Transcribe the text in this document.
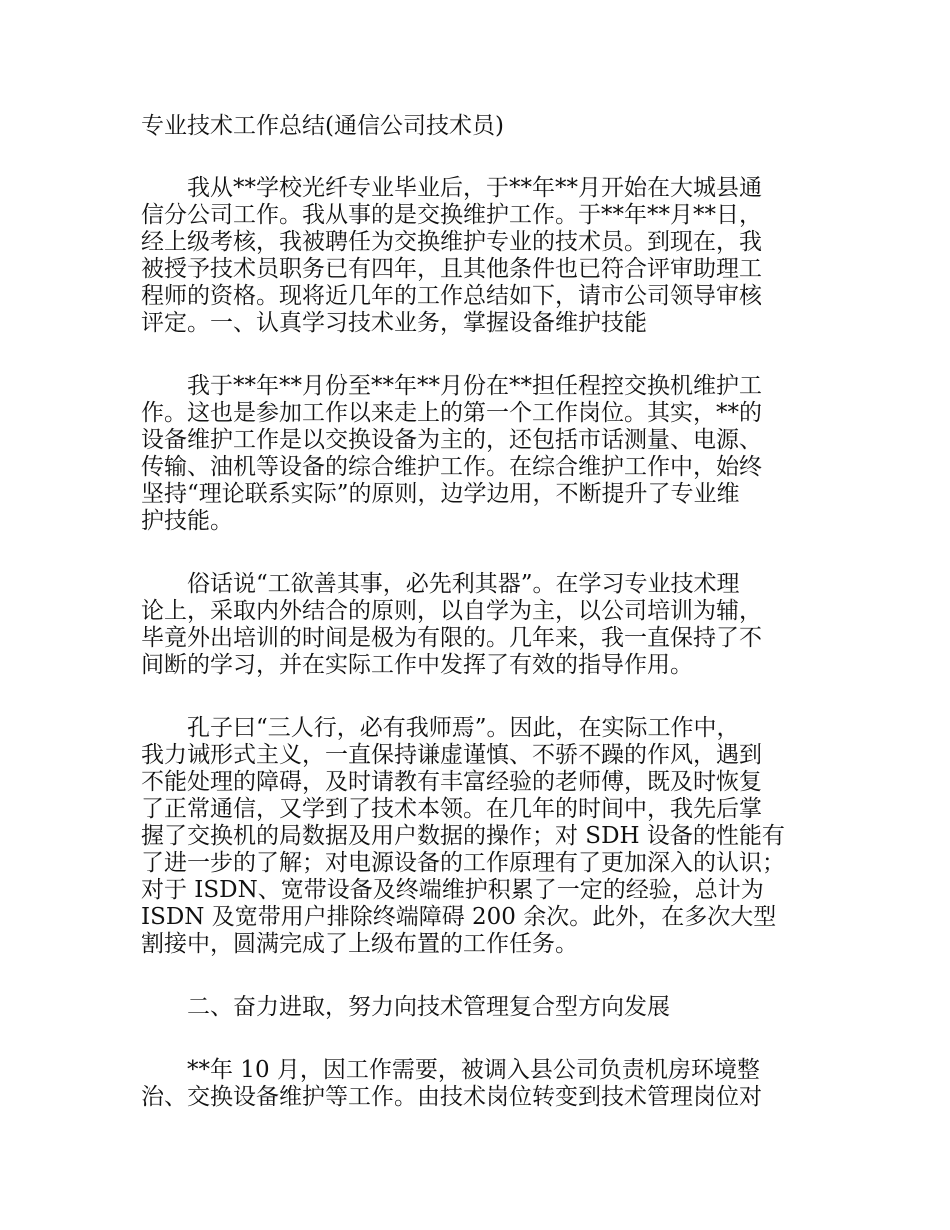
专业技术工作总结(通信公司技术员)
　　我从**学校光纤专业毕业后，于**年**月开始在大城县通
信分公司工作。我从事的是交换维护工作。于**年**月**日，
经上级考核，我被聘任为交换维护专业的技术员。到现在，我
被授予技术员职务已有四年，且其他条件也已符合评审助理工
程师的资格。现将近几年的工作总结如下，请市公司领导审核
评定。一、认真学习技术业务，掌握设备维护技能
　　我于**年**月份至**年**月份在**担任程控交换机维护工
作。这也是参加工作以来走上的第一个工作岗位。其实，**的
设备维护工作是以交换设备为主的，还包括市话测量、电源、
传输、油机等设备的综合维护工作。在综合维护工作中，始终
坚持“理论联系实际”的原则，边学边用，不断提升了专业维
护技能。
　　俗话说“工欲善其事，必先利其器”。在学习专业技术理
论上，采取内外结合的原则，以自学为主，以公司培训为辅，
毕竟外出培训的时间是极为有限的。几年来，我一直保持了不
间断的学习，并在实际工作中发挥了有效的指导作用。
　　孔子曰“三人行，必有我师焉”。因此，在实际工作中，
我力诫形式主义，一直保持谦虚谨慎、不骄不躁的作风，遇到
不能处理的障碍，及时请教有丰富经验的老师傅，既及时恢复
了正常通信，又学到了技术本领。在几年的时间中，我先后掌
握了交换机的局数据及用户数据的操作；对 SDH 设备的性能有
了进一步的了解；对电源设备的工作原理有了更加深入的认识；
对于 ISDN、宽带设备及终端维护积累了一定的经验，总计为
ISDN 及宽带用户排除终端障碍 200 余次。此外，在多次大型
割接中，圆满完成了上级布置的工作任务。
　　二、奋力进取，努力向技术管理复合型方向发展
　　**年 10 月，因工作需要，被调入县公司负责机房环境整
治、交换设备维护等工作。由技术岗位转变到技术管理岗位对
